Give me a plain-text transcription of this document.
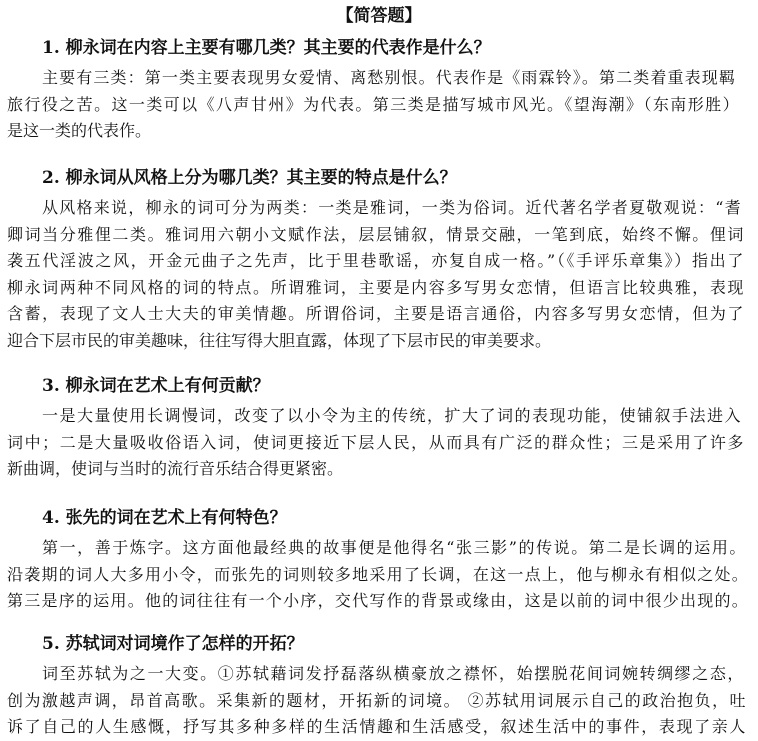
【简答题】
1. 柳永词在内容上主要有哪几类？其主要的代表作是什么？
主要有三类：第一类主要表现男女爱情、离愁别恨。代表作是《雨霖铃》。第二类着重表现羁
旅行役之苦。这一类可以《八声甘州》为代表。第三类是描写城市风光。《望海潮》（东南形胜）
是这一类的代表作。
2. 柳永词从风格上分为哪几类？其主要的特点是什么？
从风格来说，柳永的词可分为两类：一类是雅词，一类为俗词。近代著名学者夏敬观说：“耆
卿词当分雅俚二类。雅词用六朝小文赋作法，层层铺叙，情景交融，一笔到底，始终不懈。俚词
袭五代淫波之风，开金元曲子之先声，比于里巷歌谣，亦复自成一格。”（《手评乐章集》）指出了
柳永词两种不同风格的词的特点。所谓雅词，主要是内容多写男女恋情，但语言比较典雅，表现
含蓄，表现了文人士大夫的审美情趣。所谓俗词，主要是语言通俗，内容多写男女恋情，但为了
迎合下层市民的审美趣味，往往写得大胆直露，体现了下层市民的审美要求。
3. 柳永词在艺术上有何贡献？
一是大量使用长调慢词，改变了以小令为主的传统，扩大了词的表现功能，使铺叙手法进入
词中；二是大量吸收俗语入词，使词更接近下层人民，从而具有广泛的群众性；三是采用了许多
新曲调，使词与当时的流行音乐结合得更紧密。
4. 张先的词在艺术上有何特色？
第一，善于炼字。这方面他最经典的故事便是他得名“张三影”的传说。第二是长调的运用。
沿袭期的词人大多用小令，而张先的词则较多地采用了长调，在这一点上，他与柳永有相似之处。
第三是序的运用。他的词往往有一个小序，交代写作的背景或缘由，这是以前的词中很少出现的。
5. 苏轼词对词境作了怎样的开拓？
词至苏轼为之一大变。①苏轼藉词发抒磊落纵横豪放之襟怀，始摆脱花间词婉转绸缪之态，
创为激越声调，昂首高歌。采集新的题材，开拓新的词境。 ②苏轼用词展示自己的政治抱负，吐
诉了自己的人生感慨，抒写其多种多样的生活情趣和生活感受，叙述生活中的事件，表现了亲人
